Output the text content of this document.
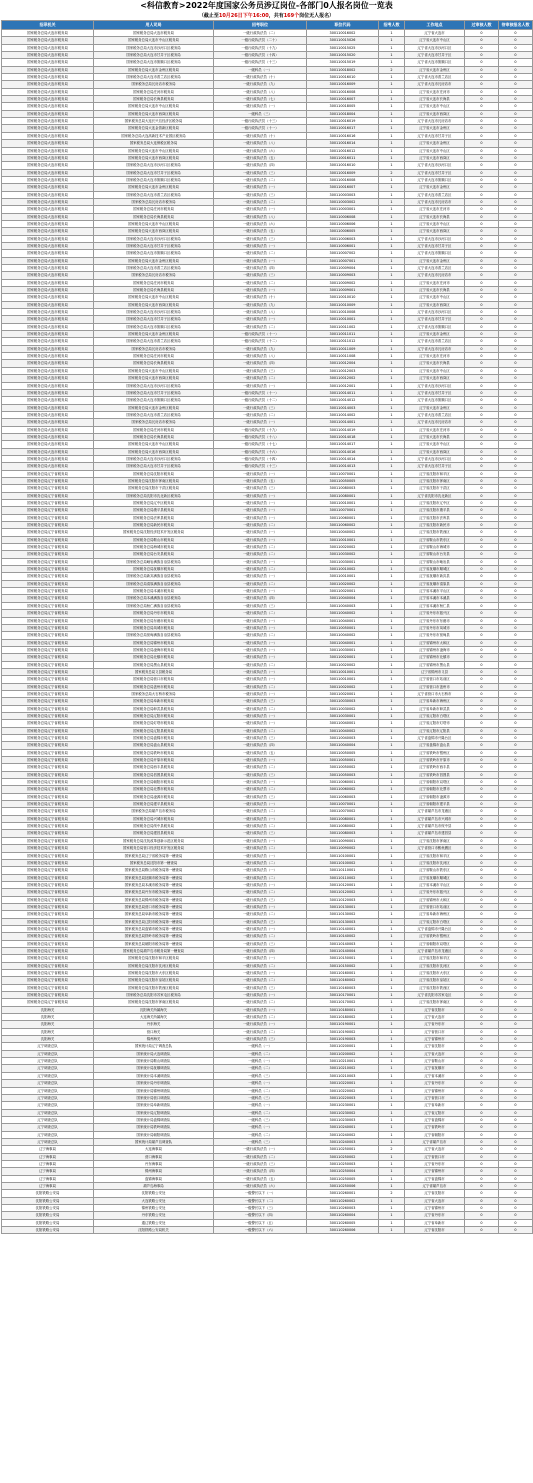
<科信教育>2022年度国家公务员涉辽岗位-各部门0人报名岗位一览表
（截止至10月26日下午16:00，共有169个岗位无人报名）
招录机关	用人司局	招考职位	职位代码	招考人数	工作地点	过审核人数	待审核报名人数
国家税务总局大连市税务局	国家税务总局大连市税务局	一级行政执法员（二）	300110016002	1	辽宁省大连市	0	0
国家税务总局大连市税务局	国家税务总局大连市中山区税务局	一级行政执法员（二十）	300110015026	1	辽宁省大连市中山区	0	0
国家税务总局大连市税务局	国家税务总局大连市沙河口区税务局	一级行政执法员（十九）	300110015025	1	辽宁省大连市沙河口区	0	0
国家税务总局大连市税务局	国家税务总局大连市甘井子区税务局	一级行政执法员（十四）	300110015020	1	辽宁省大连市甘井子区	0	0
国家税务总局大连市税务局	国家税务总局大连市旅顺口区税务局	一级行政执法员（十三）	300110015019	1	辽宁省大连市旅顺口区	0	0
国家税务总局大连市税务局	国家税务总局大连市金州区税务局	一级科员（一）	300110018002	2	辽宁省大连市金州区	0	0
国家税务总局大连市税务局	国家税务总局大连市普兰店区税务局	一级行政执法员（十）	300110016010	1	辽宁省大连市普兰店区	0	0
国家税务总局大连市税务局	国家税务总局瓦房店市税务局	一级行政执法员（九）	300110016009	1	辽宁省大连市瓦房店市	0	0
国家税务总局大连市税务局	国家税务总局庄河市税务局	一级行政执法员（八）	300110016008	1	辽宁省大连市庄河市	0	0
国家税务总局大连市税务局	国家税务总局长海县税务局	一级行政执法员（七）	300110016007	1	辽宁省大连市长海县	0	0
国家税务总局大连市税务局	国家税务总局大连市中山区税务局	一级行政执法员（一）	300110018005	1	辽宁省大连市中山区	0	0
国家税务总局大连市税务局	国家税务总局大连市西岗区税务局	一级科员（三）	300110018004	1	辽宁省大连市西岗区	0	0
国家税务总局大连市税务局	国家税务总局大连长兴岛经济区税务局	一级行政执法员（十三）	300110016019	1	辽宁省大连市瓦房店市	0	0
国家税务总局大连市税务局	国家税务总局大连金普新区税务局	一级行政执法员（十一）	300110016017	1	辽宁省大连市金州区	0	0
国家税务总局大连市税务局	国家税务总局大连高新技术产业园区税务局	一级行政执法员（十）	300110016016	1	辽宁省大连市甘井子区	0	0
国家税务总局大连市税务局	国家税务总局大连保税区税务局	一级行政执法员（八）	300110016014	1	辽宁省大连市金州区	0	0
国家税务总局大连市税务局	国家税务总局大连市中山区税务局	一级行政执法员（六）	300110016012	1	辽宁省大连市中山区	0	0
国家税务总局大连市税务局	国家税务总局大连市西岗区税务局	一级行政执法员（五）	300110016011	1	辽宁省大连市西岗区	0	0
国家税务总局大连市税务局	国家税务总局大连市沙河口区税务局	一级行政执法员（四）	300110016010	1	辽宁省大连市沙河口区	0	0
国家税务总局大连市税务局	国家税务总局大连市甘井子区税务局	一级行政执法员（三）	300110016009	2	辽宁省大连市甘井子区	0	0
国家税务总局大连市税务局	国家税务总局大连市旅顺口区税务局	一级行政执法员（二）	300110016008	1	辽宁省大连市旅顺口区	0	0
国家税务总局大连市税务局	国家税务总局大连市金州区税务局	一级行政执法员（一）	300110016007	1	辽宁省大连市金州区	0	0
国家税务总局大连市税务局	国家税务总局大连市普兰店区税务局	一级行政执法员（三）	300110003003	1	辽宁省大连市普兰店区	0	0
国家税务总局大连市税务局	国家税务总局瓦房店市税务局	一级行政执法员（二）	300110003002	1	辽宁省大连市瓦房店市	0	0
国家税务总局大连市税务局	国家税务总局庄河市税务局	一级行政执法员（一）	300110003001	1	辽宁省大连市庄河市	0	0
国家税务总局大连市税务局	国家税务总局长海县税务局	一级行政执法员（八）	300110006008	1	辽宁省大连市长海县	0	0
国家税务总局大连市税务局	国家税务总局大连市中山区税务局	一级行政执法员（六）	300110006006	1	辽宁省大连市中山区	0	0
国家税务总局大连市税务局	国家税务总局大连市西岗区税务局	一级行政执法员（五）	300110006005	1	辽宁省大连市西岗区	0	0
国家税务总局大连市税务局	国家税务总局大连市沙河口区税务局	一级行政执法员（三）	300110006003	1	辽宁省大连市沙河口区	0	0
国家税务总局大连市税务局	国家税务总局大连市甘井子区税务局	一级行政执法员（一）	300110006001	1	辽宁省大连市甘井子区	0	0
国家税务总局大连市税务局	国家税务总局大连市旅顺口区税务局	一级行政执法员（二）	300110007002	1	辽宁省大连市旅顺口区	0	0
国家税务总局大连市税务局	国家税务总局大连市金州区税务局	一级行政执法员（一）	300110007001	1	辽宁省大连市金州区	0	0
国家税务总局大连市税务局	国家税务总局大连市普兰店区税务局	一级行政执法员（四）	300110009004	1	辽宁省大连市普兰店区	0	0
国家税务总局大连市税务局	国家税务总局瓦房店市税务局	一级行政执法员（三）	300110009003	1	辽宁省大连市瓦房店市	0	0
国家税务总局大连市税务局	国家税务总局庄河市税务局	一级行政执法员（二）	300110009002	1	辽宁省大连市庄河市	0	0
国家税务总局大连市税务局	国家税务总局长海县税务局	一级行政执法员（一）	300110009001	1	辽宁省大连市长海县	0	0
国家税务总局大连市税务局	国家税务总局大连市中山区税务局	一级行政执法员（十）	300110010010	1	辽宁省大连市中山区	0	0
国家税务总局大连市税务局	国家税务总局大连市西岗区税务局	一级行政执法员（九）	300110010009	1	辽宁省大连市西岗区	0	0
国家税务总局大连市税务局	国家税务总局大连市沙河口区税务局	一级行政执法员（八）	300110010008	1	辽宁省大连市沙河口区	0	0
国家税务总局大连市税务局	国家税务总局大连市甘井子区税务局	一级行政执法员（一）	300110010001	1	辽宁省大连市甘井子区	0	0
国家税务总局大连市税务局	国家税务总局大连市旅顺口区税务局	一级行政执法员（二）	300110011002	1	辽宁省大连市旅顺口区	0	0
国家税务总局大连市税务局	国家税务总局大连市金州区税务局	一级行政执法员（十一）	300110011011	1	辽宁省大连市金州区	0	0
国家税务总局大连市税务局	国家税务总局大连市普兰店区税务局	一级行政执法员（十二）	300110011012	1	辽宁省大连市普兰店区	0	0
国家税务总局大连市税务局	国家税务总局瓦房店市税务局	一级行政执法员（九）	300110011009	1	辽宁省大连市瓦房店市	0	0
国家税务总局大连市税务局	国家税务总局庄河市税务局	一级行政执法员（八）	300110011008	1	辽宁省大连市庄河市	0	0
国家税务总局大连市税务局	国家税务总局长海县税务局	一级行政执法员（四）	300110012004	1	辽宁省大连市长海县	0	0
国家税务总局大连市税务局	国家税务总局大连市中山区税务局	一级行政执法员（三）	300110012003	1	辽宁省大连市中山区	0	0
国家税务总局大连市税务局	国家税务总局大连市西岗区税务局	一级行政执法员（二）	300110012002	1	辽宁省大连市西岗区	0	0
国家税务总局大连市税务局	国家税务总局大连市沙河口区税务局	一级行政执法员（一）	300110012001	1	辽宁省大连市沙河口区	0	0
国家税务总局大连市税务局	国家税务总局大连市甘井子区税务局	一级行政执法员（十一）	300110014011	1	辽宁省大连市甘井子区	0	0
国家税务总局大连市税务局	国家税务总局大连市旅顺口区税务局	一级行政执法员（十二）	300110014012	1	辽宁省大连市旅顺口区	0	0
国家税务总局大连市税务局	国家税务总局大连市金州区税务局	一级行政执法员（三）	300110014003	1	辽宁省大连市金州区	0	0
国家税务总局大连市税务局	国家税务总局大连市普兰店区税务局	一级行政执法员（二）	300110014002	1	辽宁省大连市普兰店区	0	0
国家税务总局大连市税务局	国家税务总局瓦房店市税务局	一级行政执法员（一）	300110014001	1	辽宁省大连市瓦房店市	0	0
国家税务总局大连市税务局	国家税务总局庄河市税务局	一级行政执法员（十九）	300110014019	1	辽宁省大连市庄河市	0	0
国家税务总局大连市税务局	国家税务总局长海县税务局	一级行政执法员（十八）	300110014018	1	辽宁省大连市长海县	0	0
国家税务总局大连市税务局	国家税务总局大连市中山区税务局	一级行政执法员（十七）	300110014017	1	辽宁省大连市中山区	0	0
国家税务总局大连市税务局	国家税务总局大连市西岗区税务局	一级行政执法员（十六）	300110014016	1	辽宁省大连市西岗区	0	0
国家税务总局大连市税务局	国家税务总局大连市沙河口区税务局	一级行政执法员（十四）	300110014014	1	辽宁省大连市沙河口区	0	0
国家税务总局大连市税务局	国家税务总局大连市甘井子区税务局	一级行政执法员（十三）	300110014013	1	辽宁省大连市甘井子区	0	0
国家税务总局辽宁省税务局	国家税务总局沈阳市税务局	一级行政执法员（一）	300110070001	1	辽宁省沈阳市和平区	0	0
国家税务总局辽宁省税务局	国家税务总局沈阳市浑南区税务局	一级行政执法员（五）	300110050005	1	辽宁省沈阳市浑南区	0	0
国家税务总局辽宁省税务局	国家税务总局沈阳市于洪区税务局	一级行政执法员（三）	300110080003	1	辽宁省沈阳市于洪区	0	0
国家税务总局辽宁省税务局	国家税务总局沈阳市沈北新区税务局	一级行政执法员（一）	300110080001	1	辽宁省沈阳市沈北新区	0	0
国家税务总局辽宁省税务局	国家税务总局辽中区税务局	一级行政执法员（一）	300110010001	1	辽宁省沈阳市辽中区	0	0
国家税务总局辽宁省税务局	国家税务总局康平县税务局	一级行政执法员（一）	300110070001	1	辽宁省沈阳市康平县	0	0
国家税务总局辽宁省税务局	国家税务总局法库县税务局	一级行政执法员（一）	300110060001	1	辽宁省沈阳市法库县	0	0
国家税务总局辽宁省税务局	国家税务总局新民市税务局	一级行政执法员（二）	300110060002	1	辽宁省沈阳市新民市	0	0
国家税务总局辽宁省税务局	国家税务总局沈阳经济技术开发区税务局	一级行政执法员（一）	300110040002	1	辽宁省沈阳市铁西区	0	0
国家税务总局辽宁省税务局	国家税务总局鞍山市税务局	一级行政执法员（一）	300110010001	1	辽宁省鞍山市铁东区	0	0
国家税务总局辽宁省税务局	国家税务总局海城市税务局	一级行政执法员（二）	300110020002	1	辽宁省鞍山市海城市	0	0
国家税务总局辽宁省税务局	国家税务总局台安县税务局	一级行政执法员（二）	300110030002	1	辽宁省鞍山市台安县	0	0
国家税务总局辽宁省税务局	国家税务总局岫岩满族自治县税务局	一级行政执法员（一）	300110030001	1	辽宁省鞍山市岫岩县	0	0
国家税务总局辽宁省税务局	国家税务总局抚顺市税务局	一级行政执法员（二）	300110010002	1	辽宁省抚顺市顺城区	0	0
国家税务总局辽宁省税务局	国家税务总局新宾满族自治县税务局	一级行政执法员（一）	300110010001	1	辽宁省抚顺市新宾县	0	0
国家税务总局辽宁省税务局	国家税务总局清原满族自治县税务局	一级行政执法员（二）	300110020002	1	辽宁省抚顺市清原县	0	0
国家税务总局辽宁省税务局	国家税务总局本溪市税务局	一级行政执法员（一）	300110020001	1	辽宁省本溪市平山区	0	0
国家税务总局辽宁省税务局	国家税务总局本溪满族自治县税务局	一级行政执法员（四）	300110040004	1	辽宁省本溪市本溪县	0	0
国家税务总局辽宁省税务局	国家税务总局桓仁满族自治县税务局	一级行政执法员（三）	300110040003	1	辽宁省本溪市桓仁县	0	0
国家税务总局辽宁省税务局	国家税务总局丹东市税务局	一级行政执法员（二）	300110040002	1	辽宁省丹东市振兴区	0	0
国家税务总局辽宁省税务局	国家税务总局东港市税务局	一级行政执法员（一）	300110040001	1	辽宁省丹东市东港市	0	0
国家税务总局辽宁省税务局	国家税务总局凤城市税务局	一级行政执法员（一）	300110050001	1	辽宁省丹东市凤城市	0	0
国家税务总局辽宁省税务局	国家税务总局宽甸满族自治县税务局	一级行政执法员（二）	300110040002	1	辽宁省丹东市宽甸县	0	0
国家税务总局辽宁省税务局	国家税务总局锦州市税务局	一级行政执法员（一）	300110040001	1	辽宁省锦州市太和区	0	0
国家税务总局辽宁省税务局	国家税务总局凌海市税务局	一级行政执法员（一）	300110030001	1	辽宁省锦州市凌海市	0	0
国家税务总局辽宁省税务局	国家税务总局北镇市税务局	一级行政执法员（一）	300110020001	1	辽宁省锦州市北镇市	0	0
国家税务总局辽宁省税务局	国家税务总局黑山县税务局	一级行政执法员（二）	300110020002	1	辽宁省锦州市黑山县	0	0
国家税务总局辽宁省税务局	国家税务总局义县税务局	一级行政执法员（一）	300110010001	1	辽宁省锦州市义县	0	0
国家税务总局辽宁省税务局	国家税务总局营口市税务局	一级行政执法员（一）	300110010001	1	辽宁省营口市站前区	0	0
国家税务总局辽宁省税务局	国家税务总局盖州市税务局	一级行政执法员（二）	300110020002	1	辽宁省营口市盖州市	0	0
国家税务总局辽宁省税务局	国家税务总局大石桥市税务局	一级行政执法员（一）	300110020001	1	辽宁省营口市大石桥市	0	0
国家税务总局辽宁省税务局	国家税务总局阜新市税务局	一级行政执法员（三）	300110030003	1	辽宁省阜新市海州区	0	0
国家税务总局辽宁省税务局	国家税务总局彰武县税务局	一级行政执法员（二）	300110030002	1	辽宁省阜新市彰武县	0	0
国家税务总局辽宁省税务局	国家税务总局辽阳市税务局	一级行政执法员（一）	300110030001	1	辽宁省辽阳市白塔区	0	0
国家税务总局辽宁省税务局	国家税务总局灯塔市税务局	一级行政执法员（一）	300110040001	1	辽宁省辽阳市灯塔市	0	0
国家税务总局辽宁省税务局	国家税务总局辽阳县税务局	一级行政执法员（二）	300110040002	1	辽宁省辽阳市辽阳县	0	0
国家税务总局辽宁省税务局	国家税务总局盘锦市税务局	一级行政执法员（三）	300110040003	1	辽宁省盘锦市兴隆台区	0	0
国家税务总局辽宁省税务局	国家税务总局盘山县税务局	一级行政执法员（四）	300110040004	1	辽宁省盘锦市盘山县	0	0
国家税务总局辽宁省税务局	国家税务总局铁岭市税务局	一级行政执法员（五）	300110050005	1	辽宁省铁岭市银州区	0	0
国家税务总局辽宁省税务局	国家税务总局开原市税务局	一级行政执法员（一）	300110050001	1	辽宁省铁岭市开原市	0	0
国家税务总局辽宁省税务局	国家税务总局西丰县税务局	一级行政执法员（二）	300110050002	1	辽宁省铁岭市西丰县	0	0
国家税务总局辽宁省税务局	国家税务总局昌图县税务局	一级行政执法员（三）	300110050003	1	辽宁省铁岭市昌图县	0	0
国家税务总局辽宁省税务局	国家税务总局朝阳市税务局	一级行政执法员（一）	300110060001	1	辽宁省朝阳市双塔区	0	0
国家税务总局辽宁省税务局	国家税务总局北票市税务局	一级行政执法员（二）	300110060002	1	辽宁省朝阳市北票市	0	0
国家税务总局辽宁省税务局	国家税务总局凌源市税务局	一级行政执法员（三）	300110060003	1	辽宁省朝阳市凌源市	0	0
国家税务总局辽宁省税务局	国家税务总局建平县税务局	一级行政执法员（一）	300110070001	1	辽宁省朝阳市建平县	0	0
国家税务总局辽宁省税务局	国家税务总局葫芦岛市税务局	一级行政执法员（二）	300110070002	1	辽宁省葫芦岛市龙港区	0	0
国家税务总局辽宁省税务局	国家税务总局兴城市税务局	一级行政执法员（一）	300110080001	1	辽宁省葫芦岛市兴城市	0	0
国家税务总局辽宁省税务局	国家税务总局绥中县税务局	一级行政执法员（二）	300110080002	1	辽宁省葫芦岛市绥中县	0	0
国家税务总局辽宁省税务局	国家税务总局建昌县税务局	一级行政执法员（三）	300110080003	1	辽宁省葫芦岛市建昌县	0	0
国家税务总局辽宁省税务局	国家税务总局沈抚改革创新示范区税务局	一级行政执法员（一）	300110090001	1	辽宁省沈阳市浑南区	0	0
国家税务总局辽宁省税务局	国家税务总局营口经济技术开发区税务局	一级行政执法员（二）	300110090002	1	辽宁省营口市鲅鱼圈区	0	0
国家税务总局辽宁省税务局	国家税务总局辽宁省税务局第一稽查局	一级行政执法员（一）	300110100001	1	辽宁省沈阳市和平区	0	0
国家税务总局辽宁省税务局	国家税务总局沈阳市第一稽查局	一级行政执法员（二）	300110100002	1	辽宁省沈阳市沈河区	0	0
国家税务总局辽宁省税务局	国家税务总局鞍山市税务局第一稽查局	一级行政执法员（一）	300110110001	1	辽宁省鞍山市铁东区	0	0
国家税务总局辽宁省税务局	国家税务总局抚顺市税务局第一稽查局	一级行政执法员（二）	300110110002	1	辽宁省抚顺市顺城区	0	0
国家税务总局辽宁省税务局	国家税务总局本溪市税务局第一稽查局	一级行政执法员（一）	300110120001	1	辽宁省本溪市平山区	0	0
国家税务总局辽宁省税务局	国家税务总局丹东市税务局第一稽查局	一级行政执法员（二）	300110120002	1	辽宁省丹东市振兴区	0	0
国家税务总局辽宁省税务局	国家税务总局锦州市税务局第一稽查局	一级行政执法员（三）	300110120003	1	辽宁省锦州市太和区	0	0
国家税务总局辽宁省税务局	国家税务总局营口市税务局第一稽查局	一级行政执法员（一）	300110130001	1	辽宁省营口市站前区	0	0
国家税务总局辽宁省税务局	国家税务总局阜新市税务局第一稽查局	一级行政执法员（二）	300110130002	1	辽宁省阜新市海州区	0	0
国家税务总局辽宁省税务局	国家税务总局辽阳市税务局第一稽查局	一级行政执法员（三）	300110130003	1	辽宁省辽阳市白塔区	0	0
国家税务总局辽宁省税务局	国家税务总局盘锦市税务局第一稽查局	一级行政执法员（一）	300110140001	1	辽宁省盘锦市兴隆台区	0	0
国家税务总局辽宁省税务局	国家税务总局铁岭市税务局第一稽查局	一级行政执法员（二）	300110140002	1	辽宁省铁岭市银州区	0	0
国家税务总局辽宁省税务局	国家税务总局朝阳市税务局第一稽查局	一级行政执法员（三）	300110140003	1	辽宁省朝阳市双塔区	0	0
国家税务总局辽宁省税务局	国家税务总局葫芦岛市税务局第一稽查局	一级行政执法员（四）	300110140004	1	辽宁省葫芦岛市龙港区	0	0
国家税务总局辽宁省税务局	国家税务总局沈阳市和平区税务局	一级行政执法员（一）	300110150001	1	辽宁省沈阳市和平区	0	0
国家税务总局辽宁省税务局	国家税务总局沈阳市沈河区税务局	一级行政执法员（二）	300110150002	1	辽宁省沈阳市沈河区	0	0
国家税务总局辽宁省税务局	国家税务总局沈阳市大东区税务局	一级行政执法员（一）	300110160001	1	辽宁省沈阳市大东区	0	0
国家税务总局辽宁省税务局	国家税务总局沈阳市皇姑区税务局	一级行政执法员（二）	300110160002	1	辽宁省沈阳市皇姑区	0	0
国家税务总局辽宁省税务局	国家税务总局沈阳市铁西区税务局	一级行政执法员（三）	300110160003	1	辽宁省沈阳市铁西区	0	0
国家税务总局辽宁省税务局	国家税务总局沈阳市苏家屯区税务局	一级行政执法员（一）	300110170001	1	辽宁省沈阳市苏家屯区	0	0
国家税务总局辽宁省税务局	国家税务总局沈阳市浑南区税务局	一级行政执法员（二）	300110170002	1	辽宁省沈阳市浑南区	0	0
沈阳海关	沈阳海关所属海关	一级行政执法员（一）	300110180001	1	辽宁省沈阳市	0	0
沈阳海关	大连海关所属海关	一级行政执法员（二）	300110180002	1	辽宁省大连市	0	0
沈阳海关	丹东海关	一级行政执法员（一）	300110190001	1	辽宁省丹东市	0	0
沈阳海关	营口海关	一级行政执法员（二）	300110190002	1	辽宁省营口市	0	0
沈阳海关	锦州海关	一级行政执法员（三）	300110190003	1	辽宁省锦州市	0	0
辽宁调查总队	国家统计局辽宁调查总队	一级科员（一）	300110200001	1	辽宁省沈阳市	0	0
辽宁调查总队	国家统计局大连调查队	一级科员（二）	300110200002	1	辽宁省大连市	0	0
辽宁调查总队	国家统计局鞍山调查队	一级科员（一）	300110210001	1	辽宁省鞍山市	0	0
辽宁调查总队	国家统计局抚顺调查队	一级科员（二）	300110210002	1	辽宁省抚顺市	0	0
辽宁调查总队	国家统计局本溪调查队	一级科员（三）	300110210003	1	辽宁省本溪市	0	0
辽宁调查总队	国家统计局丹东调查队	一级科员（一）	300110220001	1	辽宁省丹东市	0	0
辽宁调查总队	国家统计局锦州调查队	一级科员（二）	300110220002	1	辽宁省锦州市	0	0
辽宁调查总队	国家统计局营口调查队	一级科员（三）	300110220003	1	辽宁省营口市	0	0
辽宁调查总队	国家统计局阜新调查队	一级科员（一）	300110230001	1	辽宁省阜新市	0	0
辽宁调查总队	国家统计局辽阳调查队	一级科员（二）	300110230002	1	辽宁省辽阳市	0	0
辽宁调查总队	国家统计局盘锦调查队	一级科员（三）	300110230003	1	辽宁省盘锦市	0	0
辽宁调查总队	国家统计局铁岭调查队	一级科员（一）	300110240001	1	辽宁省铁岭市	0	0
辽宁调查总队	国家统计局朝阳调查队	一级科员（二）	300110240002	1	辽宁省朝阳市	0	0
辽宁调查总队	国家统计局葫芦岛调查队	一级科员（三）	300110240003	1	辽宁省葫芦岛市	0	0
辽宁海事局	大连海事局	一级行政执法员（一）	300110250001	2	辽宁省大连市	0	0
辽宁海事局	营口海事局	一级行政执法员（二）	300110250002	1	辽宁省营口市	0	0
辽宁海事局	丹东海事局	一级行政执法员（三）	300110250003	1	辽宁省丹东市	0	0
辽宁海事局	锦州海事局	一级行政执法员（四）	300110250004	1	辽宁省锦州市	0	0
辽宁海事局	盘锦海事局	一级行政执法员（五）	300110250005	1	辽宁省盘锦市	0	0
辽宁海事局	葫芦岛海事局	一级行政执法员（六）	300110250006	1	辽宁省葫芦岛市	0	0
沈阳铁路公安局	沈阳铁路公安处	一级警长以下（一）	300110260001	2	辽宁省沈阳市	0	0
沈阳铁路公安局	大连铁路公安处	一级警长以下（二）	300110260002	1	辽宁省大连市	0	0
沈阳铁路公安局	锦州铁路公安处	一级警长以下（三）	300110260003	1	辽宁省锦州市	0	0
沈阳铁路公安局	丹东铁路公安处	一级警长以下（四）	300110260004	1	辽宁省丹东市	0	0
沈阳铁路公安局	通辽铁路公安处	一级警长以下（五）	300110260005	1	辽宁省阜新市	0	0
沈阳铁路公安局	沈阳铁路公安局机关	一级警长以下（六）	300110260006	1	辽宁省沈阳市	0	0
